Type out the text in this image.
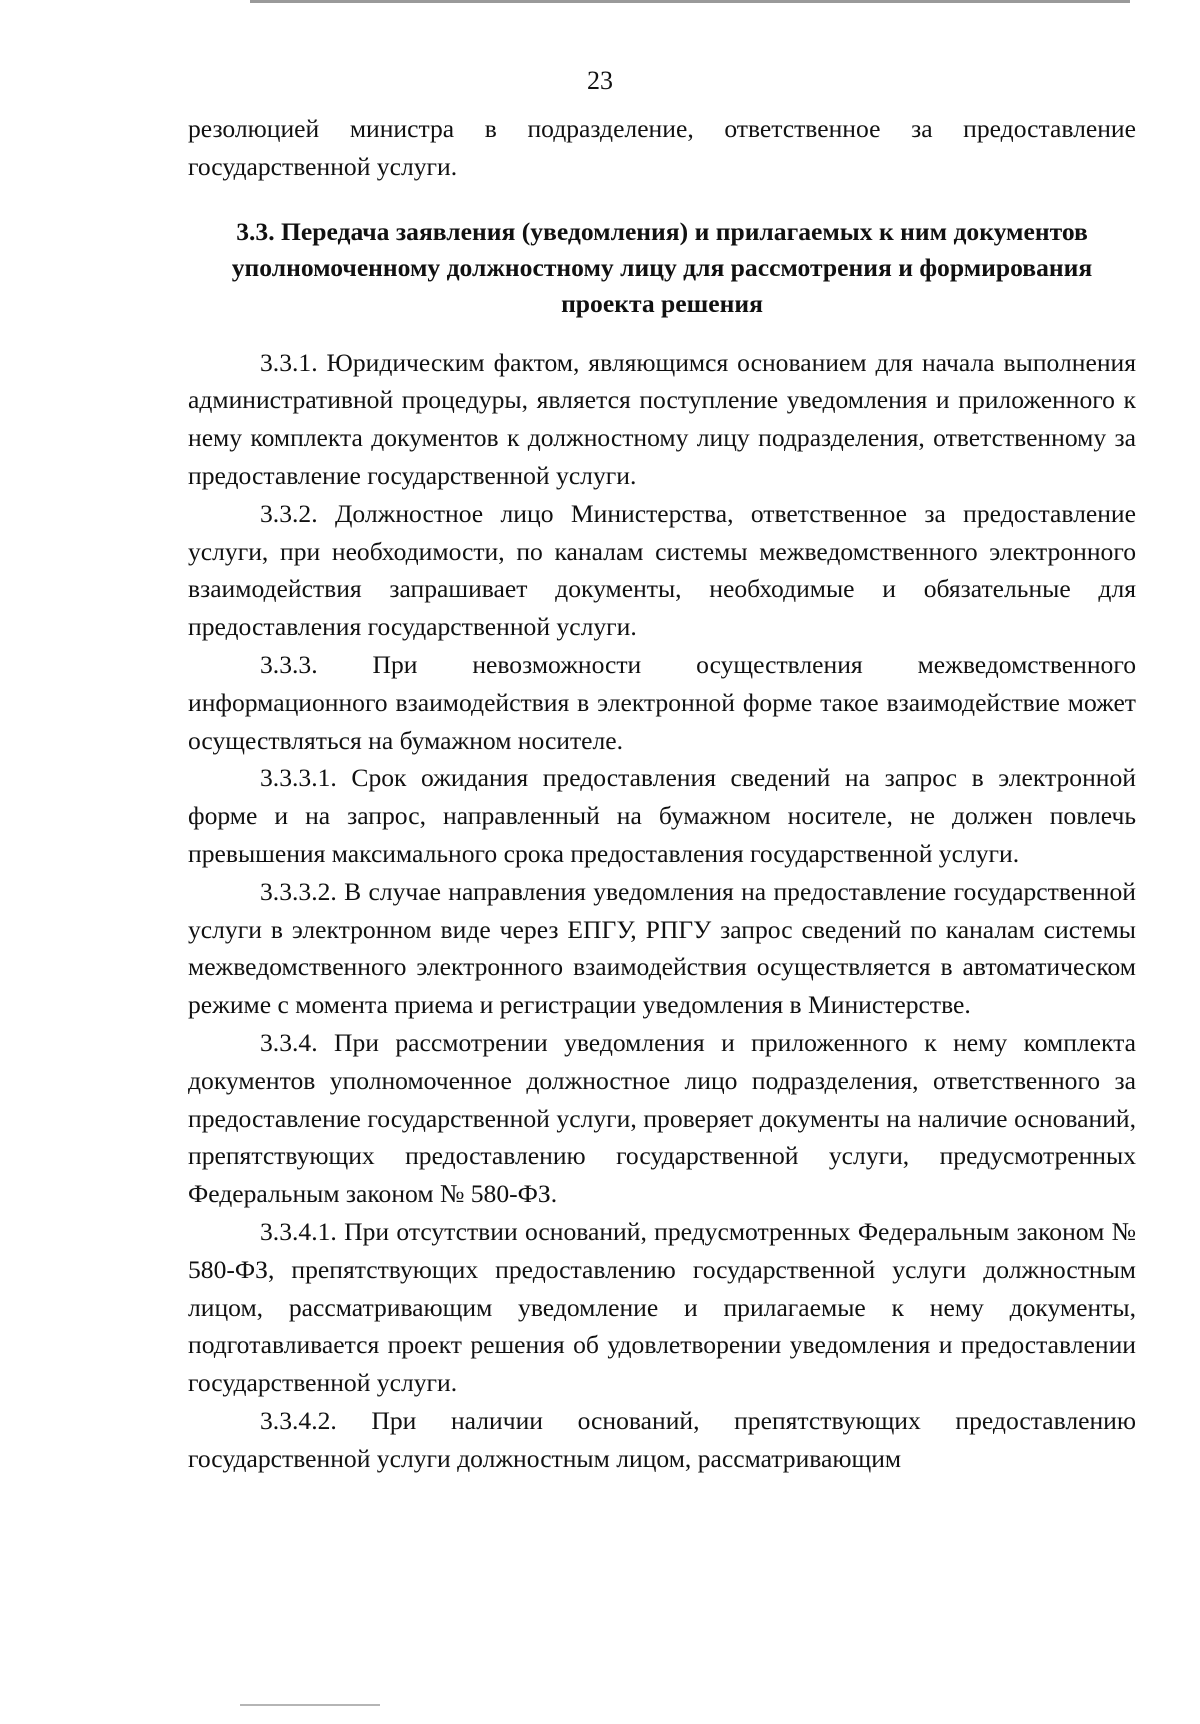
23

резолюцией министра в подразделение, ответственное за предоставление государственной услуги.

3.3. Передача заявления (уведомления) и прилагаемых к ним документов уполномоченному должностному лицу для рассмотрения и формирования проекта решения

3.3.1. Юридическим фактом, являющимся основанием для начала выполнения административной процедуры, является поступление уведомления и приложенного к нему комплекта документов к должностному лицу подразделения, ответственному за предоставление государственной услуги.

3.3.2. Должностное лицо Министерства, ответственное за предоставление услуги, при необходимости, по каналам системы межведомственного электронного взаимодействия запрашивает документы, необходимые и обязательные для предоставления государственной услуги.

3.3.3. При невозможности осуществления межведомственного информационного взаимодействия в электронной форме такое взаимодействие может осуществляться на бумажном носителе.

3.3.3.1. Срок ожидания предоставления сведений на запрос в электронной форме и на запрос, направленный на бумажном носителе, не должен повлечь превышения максимального срока предоставления государственной услуги.

3.3.3.2. В случае направления уведомления на предоставление государственной услуги в электронном виде через ЕПГУ, РПГУ запрос сведений по каналам системы межведомственного электронного взаимодействия осуществляется в автоматическом режиме с момента приема и регистрации уведомления в Министерстве.

3.3.4. При рассмотрении уведомления и приложенного к нему комплекта документов уполномоченное должностное лицо подразделения, ответственного за предоставление государственной услуги, проверяет документы на наличие оснований, препятствующих предоставлению государственной услуги, предусмотренных Федеральным законом № 580-ФЗ.

3.3.4.1. При отсутствии оснований, предусмотренных Федеральным законом № 580-ФЗ, препятствующих предоставлению государственной услуги должностным лицом, рассматривающим уведомление и прилагаемые к нему документы, подготавливается проект решения об удовлетворении уведомления и предоставлении государственной услуги.

3.3.4.2. При наличии оснований, препятствующих предоставлению государственной услуги должностным лицом, рассматривающим
